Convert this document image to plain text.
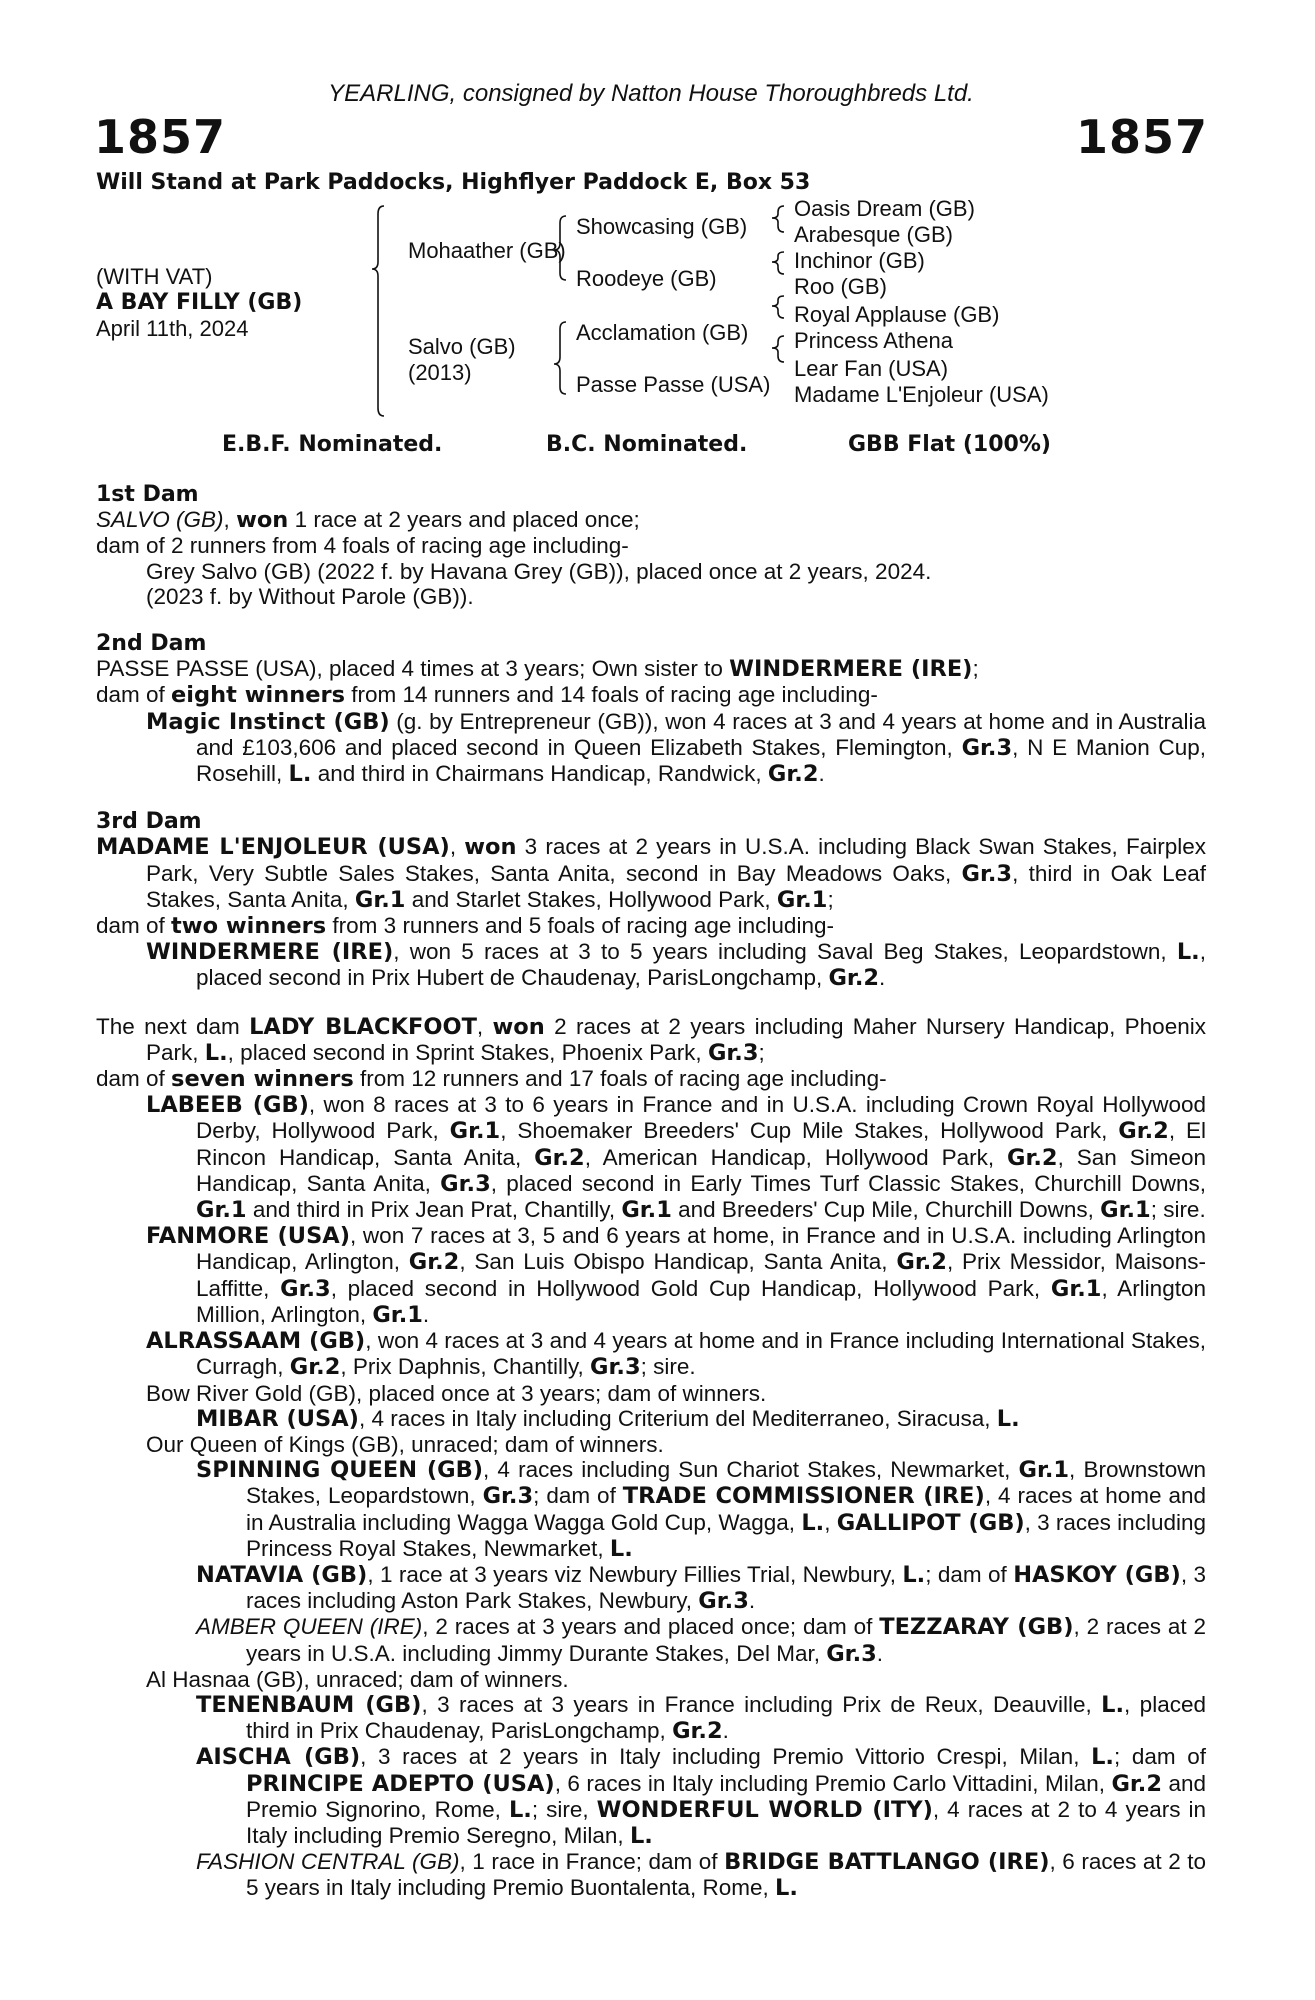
YEARLING, consigned by Natton House Thoroughbreds Ltd.
1857	1857
Will Stand at Park Paddocks, Highflyer Paddock E, Box 53
(WITH VAT)
A BAY FILLY (GB)
April 11th, 2024
Mohaather (GB)
Salvo (GB)
(2013)
Showcasing (GB)
Roodeye (GB)
Acclamation (GB)
Passe Passe (USA)
Oasis Dream (GB)
Arabesque (GB)
Inchinor (GB)
Roo (GB)
Royal Applause (GB)
Princess Athena
Lear Fan (USA)
Madame L'Enjoleur (USA)
E.B.F. Nominated.	B.C. Nominated.	GBB Flat (100%)
1st Dam

SALVO (GB), won 1 race at 2 years and placed once;

dam of 2 runners from 4 foals of racing age including-

Grey Salvo (GB) (2022 f. by Havana Grey (GB)), placed once at 2 years, 2024.

(2023 f. by Without Parole (GB)).

2nd Dam

PASSE PASSE (USA), placed 4 times at 3 years; Own sister to WINDERMERE (IRE);

dam of eight winners from 14 runners and 14 foals of racing age including-

Magic Instinct (GB) (g. by Entrepreneur (GB)), won 4 races at 3 and 4 years at home and in Australia and £103,606 and placed second in Queen Elizabeth Stakes, Flemington, Gr.3, N E Manion Cup, Rosehill, L. and third in Chairmans Handicap, Randwick, Gr.2.

3rd Dam

MADAME L'ENJOLEUR (USA), won 3 races at 2 years in U.S.A. including Black Swan Stakes, Fairplex Park, Very Subtle Sales Stakes, Santa Anita, second in Bay Meadows Oaks, Gr.3, third in Oak Leaf Stakes, Santa Anita, Gr.1 and Starlet Stakes, Hollywood Park, Gr.1;

dam of two winners from 3 runners and 5 foals of racing age including-

WINDERMERE (IRE), won 5 races at 3 to 5 years including Saval Beg Stakes, Leopardstown, L., placed second in Prix Hubert de Chaudenay, ParisLongchamp, Gr.2.

The next dam LADY BLACKFOOT, won 2 races at 2 years including Maher Nursery Handicap, Phoenix Park, L., placed second in Sprint Stakes, Phoenix Park, Gr.3;

dam of seven winners from 12 runners and 17 foals of racing age including-

LABEEB (GB), won 8 races at 3 to 6 years in France and in U.S.A. including Crown Royal Hollywood Derby, Hollywood Park, Gr.1, Shoemaker Breeders' Cup Mile Stakes, Hollywood Park, Gr.2, El Rincon Handicap, Santa Anita, Gr.2, American Handicap, Hollywood Park, Gr.2, San Simeon Handicap, Santa Anita, Gr.3, placed second in Early Times Turf Classic Stakes, Churchill Downs, Gr.1 and third in Prix Jean Prat, Chantilly, Gr.1 and Breeders' Cup Mile, Churchill Downs, Gr.1; sire.

FANMORE (USA), won 7 races at 3, 5 and 6 years at home, in France and in U.S.A. including Arlington Handicap, Arlington, Gr.2, San Luis Obispo Handicap, Santa Anita, Gr.2, Prix Messidor, Maisons-Laffitte, Gr.3, placed second in Hollywood Gold Cup Handicap, Hollywood Park, Gr.1, Arlington Million, Arlington, Gr.1.

ALRASSAAM (GB), won 4 races at 3 and 4 years at home and in France including International Stakes, Curragh, Gr.2, Prix Daphnis, Chantilly, Gr.3; sire.

Bow River Gold (GB), placed once at 3 years; dam of winners.

MIBAR (USA), 4 races in Italy including Criterium del Mediterraneo, Siracusa, L.

Our Queen of Kings (GB), unraced; dam of winners.

SPINNING QUEEN (GB), 4 races including Sun Chariot Stakes, Newmarket, Gr.1, Brownstown Stakes, Leopardstown, Gr.3; dam of TRADE COMMISSIONER (IRE), 4 races at home and in Australia including Wagga Wagga Gold Cup, Wagga, L., GALLIPOT (GB), 3 races including Princess Royal Stakes, Newmarket, L.

NATAVIA (GB), 1 race at 3 years viz Newbury Fillies Trial, Newbury, L.; dam of HASKOY (GB), 3 races including Aston Park Stakes, Newbury, Gr.3.

AMBER QUEEN (IRE), 2 races at 3 years and placed once; dam of TEZZARAY (GB), 2 races at 2 years in U.S.A. including Jimmy Durante Stakes, Del Mar, Gr.3.

Al Hasnaa (GB), unraced; dam of winners.

TENENBAUM (GB), 3 races at 3 years in France including Prix de Reux, Deauville, L., placed third in Prix Chaudenay, ParisLongchamp, Gr.2.

AISCHA (GB), 3 races at 2 years in Italy including Premio Vittorio Crespi, Milan, L.; dam of PRINCIPE ADEPTO (USA), 6 races in Italy including Premio Carlo Vittadini, Milan, Gr.2 and Premio Signorino, Rome, L.; sire, WONDERFUL WORLD (ITY), 4 races at 2 to 4 years in Italy including Premio Seregno, Milan, L.

FASHION CENTRAL (GB), 1 race in France; dam of BRIDGE BATTLANGO (IRE), 6 races at 2 to 5 years in Italy including Premio Buontalenta, Rome, L.
